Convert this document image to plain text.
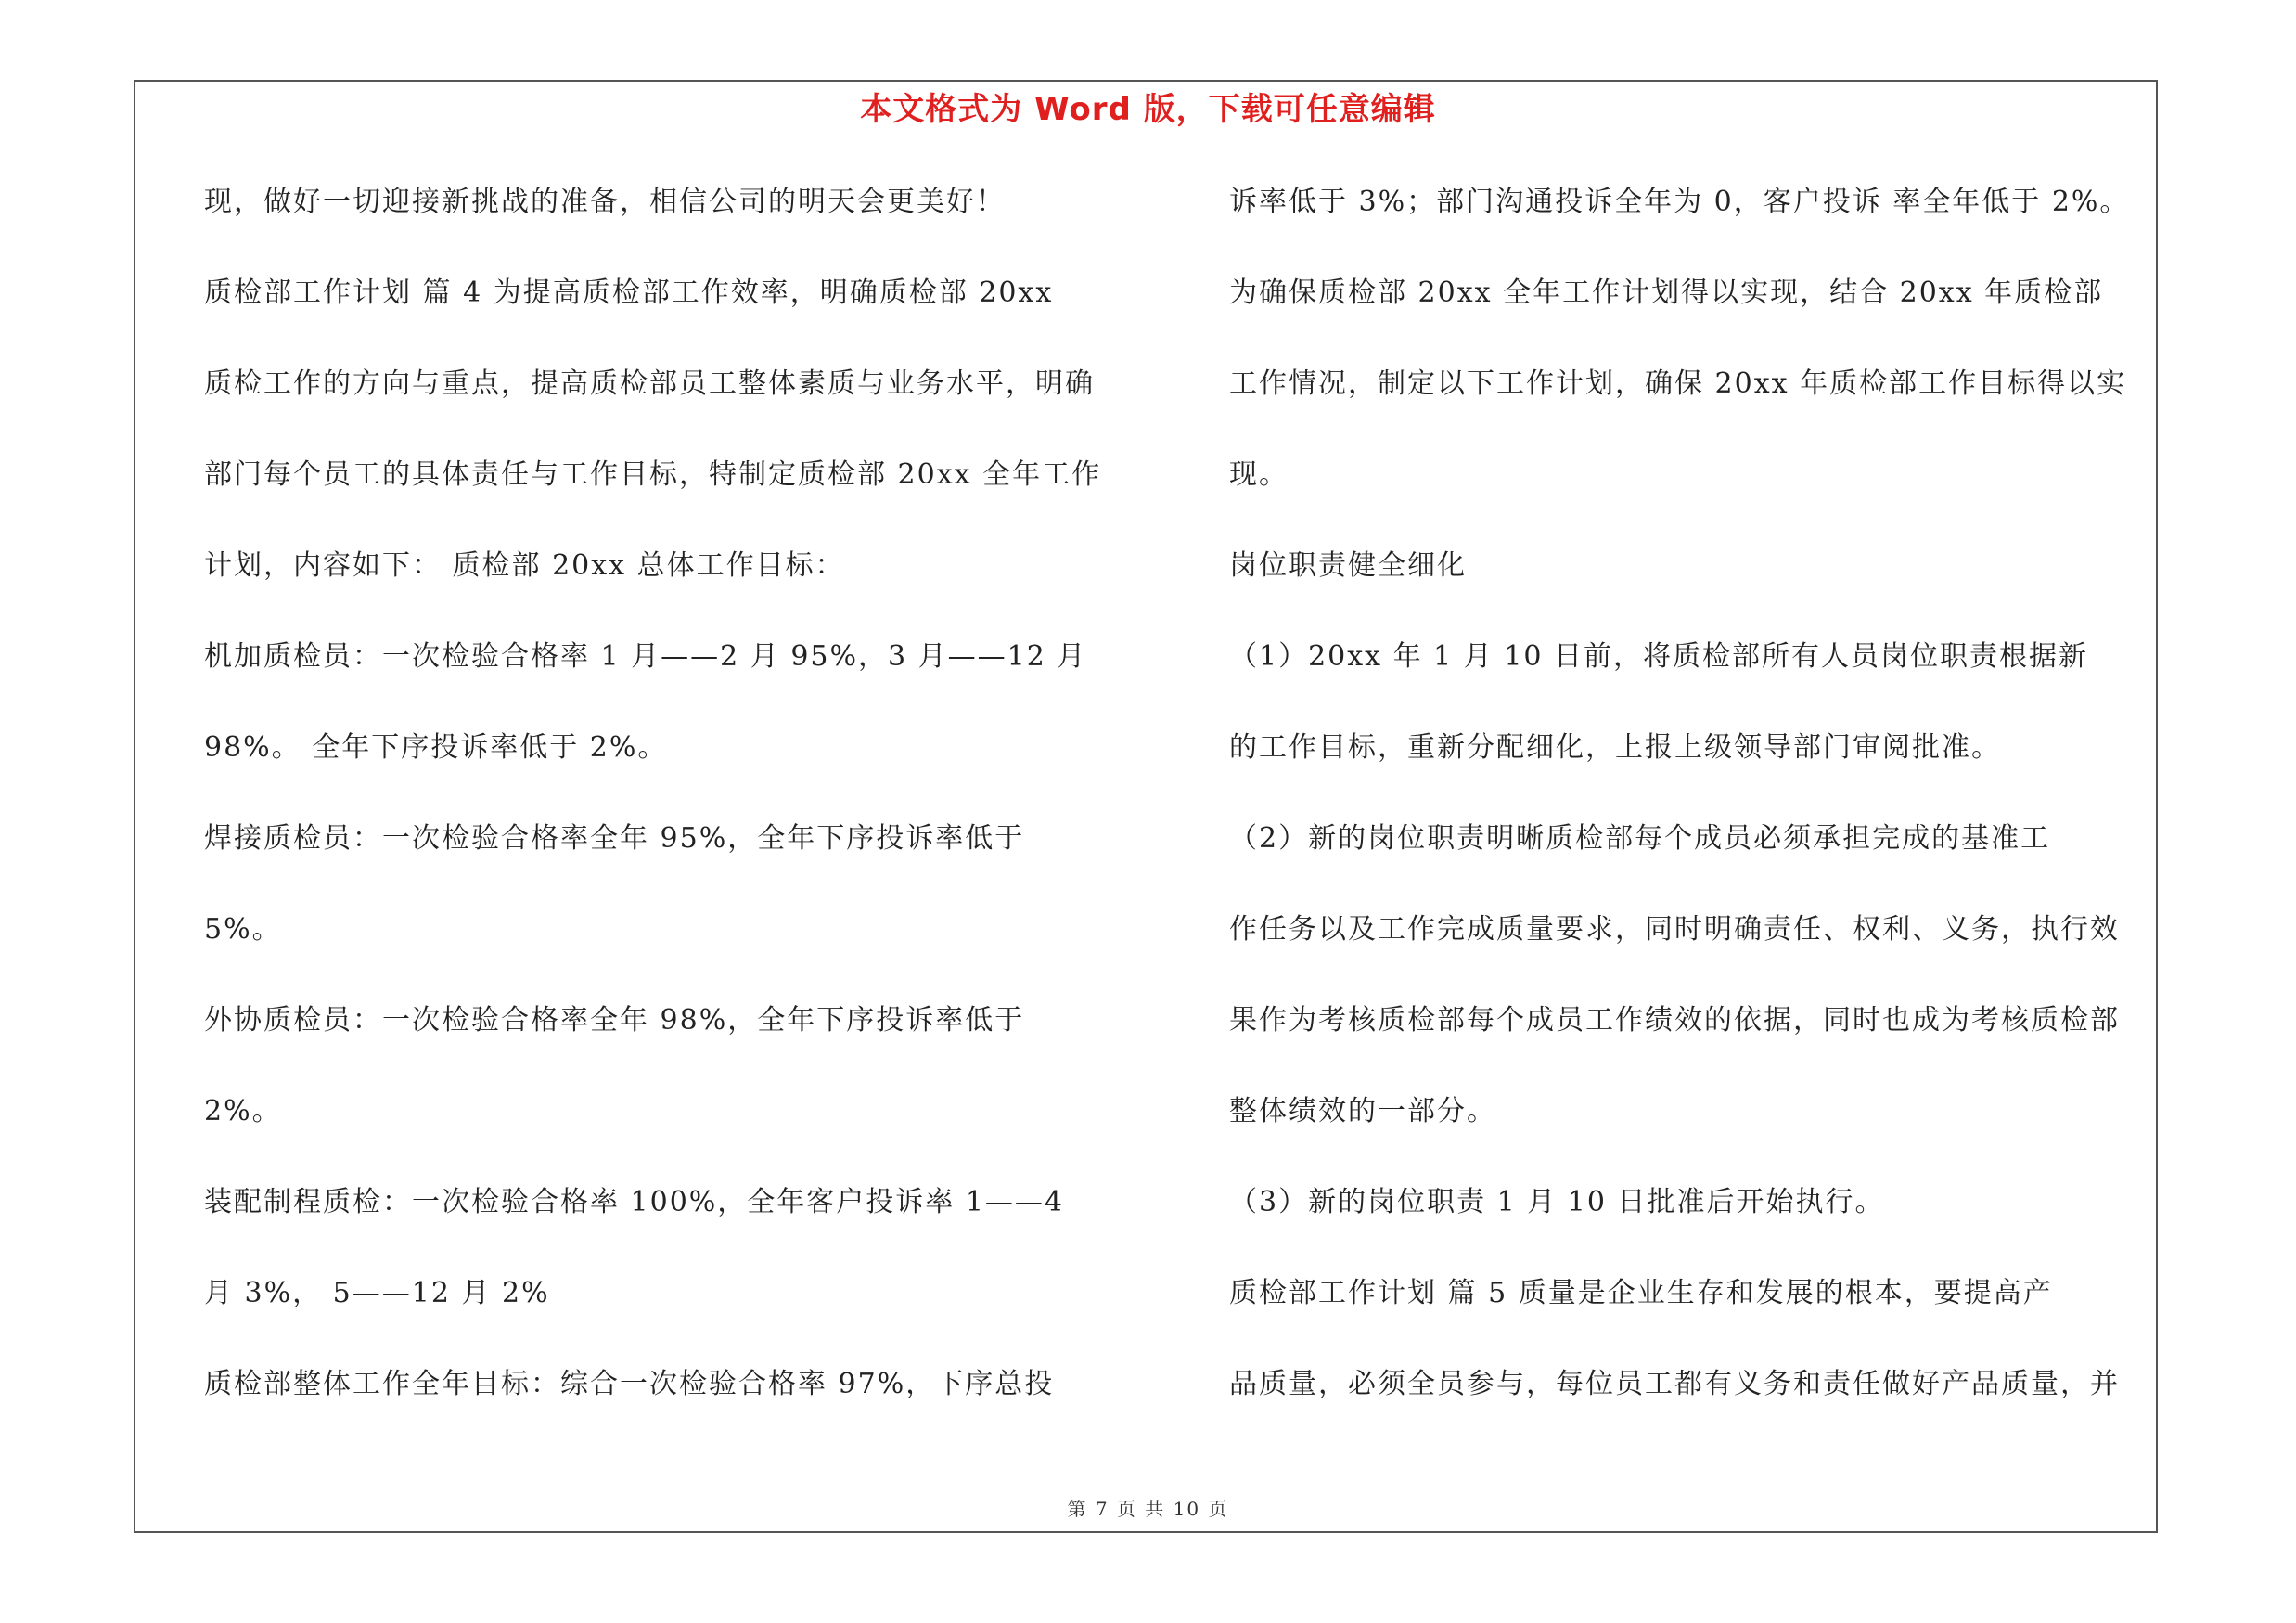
本文格式为 Word 版，下载可任意编辑
现，做好一切迎接新挑战的准备，相信公司的明天会更美好！
质检部工作计划 篇 4 为提高质检部工作效率，明确质检部 20xx
质检工作的方向与重点，提高质检部员工整体素质与业务水平，明确
部门每个员工的具体责任与工作目标，特制定质检部 20xx 全年工作
计划，内容如下： 质检部 20xx 总体工作目标：
机加质检员：一次检验合格率 1 月——2 月 95%，3 月——12 月
98%。 全年下序投诉率低于 2%。
焊接质检员：一次检验合格率全年 95%，全年下序投诉率低于
5%。
外协质检员：一次检验合格率全年 98%，全年下序投诉率低于
2%。
装配制程质检：一次检验合格率 100%，全年客户投诉率 1——4
月 3%， 5——12 月 2%
质检部整体工作全年目标：综合一次检验合格率 97%，下序总投
诉率低于 3%；部门沟通投诉全年为 0，客户投诉 率全年低于 2%。
为确保质检部 20xx 全年工作计划得以实现，结合 20xx 年质检部
工作情况，制定以下工作计划，确保 20xx 年质检部工作目标得以实
现。
岗位职责健全细化
（1）20xx 年 1 月 10 日前，将质检部所有人员岗位职责根据新
的工作目标，重新分配细化，上报上级领导部门审阅批准。
（2）新的岗位职责明晰质检部每个成员必须承担完成的基准工
作任务以及工作完成质量要求，同时明确责任、权利、义务，执行效
果作为考核质检部每个成员工作绩效的依据，同时也成为考核质检部
整体绩效的一部分。
（3）新的岗位职责 1 月 10 日批准后开始执行。
质检部工作计划 篇 5 质量是企业生存和发展的根本，要提高产
品质量，必须全员参与，每位员工都有义务和责任做好产品质量，并
第 7 页 共 10 页
